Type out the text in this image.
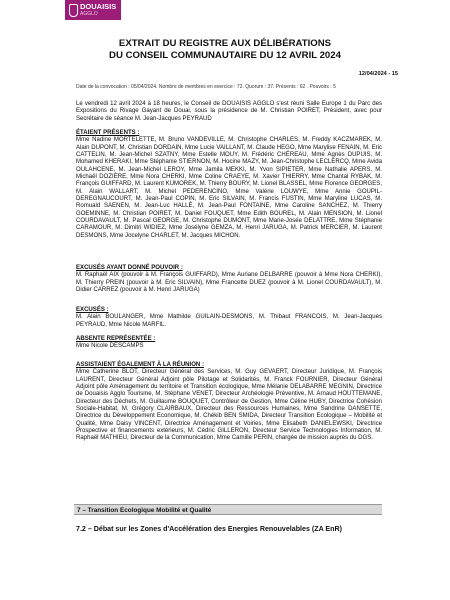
DOUAISIS
AGGLO
EXTRAIT DU REGISTRE AUX DÉLIBÉRATIONS
DU CONSEIL COMMUNAUTAIRE DU 12 AVRIL 2024
12/04/2024 - 15
Date de la convocation : 05/04/2024. Nombre de membres en exercice : 72. Quorum : 37. Présents : 62 . Pouvoirs : 5
Le vendredi 12 avril 2024 à 18 heures, le Conseil de DOUAISIS AGGLO s'est réuni Salle Europe 1 du Parc des Expositions du Rivage Gayant de Douai, sous la présidence de M. Christian POIRET, Président, avec pour Secrétaire de séance M. Jean-Jacques PEYRAUD
ÉTAIENT PRÉSENTS :
Mme Nadine MORTELETTE, M. Bruno VANDEVILLE, M. Christophe CHARLES, M. Freddy KACZMAREK, M. Alain DUPONT, M. Christian DORDAIN, Mme Lucie VAILLANT, M. Claude HEGO, Mme Marylise FENAIN, M. Eric CATTELIN, M. Jean-Michel SZATNY, Mme Estelle MOUY, M. Frédéric CHÉREAU, Mme Agnès DUPUIS, M. Mohamed KHERAKI, Mme Stéphanie STIERNON, M. Hocine MAZY, M. Jean-Christophe LECLERCQ, Mme Avida OULAHCENE, M. Jean-Michel LEROY, Mme Jamila MEKKI, M. Yvon SIPIETER, Mme Nathalie APERS, M. Michaël DOZIÈRE, Mme Nora CHERKI, Mme Coline CRAEYE, M. Xavier THIERRY, Mme Chantal RYBAK, M. François GUIFFARD, M. Laurent KUMOREK, M. Thierry BOURY, M. Lionel BLASSEL, Mme Florence GEORGES, M. Alain WALLART, M. Michel PEDERENCINO, Mme Valérie LOUWYE, Mme Annie GOUPIL-DEREGNAUCOURT, M. Jean-Paul COPIN, M. Eric SILVAIN, M. Francis FUSTIN, Mme Maryline LUCAS, M. Romuald SAENEN, M. Jean-Luc HALLÉ, M. Jean-Paul FONTAINE, Mme Caroline SANCHEZ, M. Thierry GOEMINNE, M. Christian POIRET, M. Daniel FOUQUET, Mme Edith BOUREL, M. Alain MENSION, M. Lionel COURDAVAULT, M. Pascal GEORGE, M. Christophe DUMONT, Mme Marie-Josée DELATTRE, Mme Stéphanie CARAMOUR, M. Dimitri WIDIEZ, Mme Josélyne GEMZA, M. Henri JARUGA, M. Patrick MERCIER, M. Laurent DESMONS, Mme Jocelyne CHARLET, M. Jacques MICHON.
EXCUSÉS AYANT DONNÉ POUVOIR :
M. Raphaël AIX (pouvoir à M. François GUIFFARD), Mme Auriane DELBARRE (pouvoir à Mme Nora CHERKI), M. Thierry PREIN (pouvoir à M. Eric SILVAIN), Mme Francette DUEZ (pouvoir à M. Lionel COURDAVAULT), M. Didier CARREZ (pouvoir à M. Henri JARUGA)
EXCUSÉS :
M. Alain BOULANGER, Mme Mathilde GUILAIN-DESMONS, M. Thibaut FRANCOIS, M. Jean-Jacques PEYRAUD, Mme Nicole MARFIL.
ABSENTE REPRÉSENTÉE :
Mme Nicole DESCAMPS
ASSISTAIENT ÉGALEMENT À LA RÉUNION :
Mme Catherine BLOT, Directeur Général des Services, M. Guy GEVAERT, Directeur Juridique, M. François LAURENT, Directeur Général Adjoint pôle Pilotage et Solidarités, M. Franck FOURNIER, Directeur Général Adjoint pôle Aménagement du territoire et Transition écologique, Mme Mélanie DELABARRE MEGNIN, Directrice de Douaisis Agglo Tourisme, M. Stéphane VENET, Directeur Archéologie Préventive, M. Arnaud HOUTTEMANE, Directeur des Déchets, M. Guillaume BOUQUET, Contrôleur de Gestion, Mme Céline HUBY, Directrice Cohésion Sociale-Habitat, M. Grégory CLAIRBAUX, Directeur des Ressources Humaines, Mme Sandrine DANSETTE, Directrice du Développement Economique, M. Chékib BEN SMIDA, Directeur Transition Ecologique – Mobilité et Qualité, Mme Daisy VINCENT, Directrice Aménagement et Voiries, Mme Elisabeth DANIELEWSKI, Directrice Prospective et financements extérieurs, M. Cédric GILLERON, Directeur Service Technologies Information, M. Raphaël MATHIEU, Directeur de la Communication, Mme Camille PERIN, chargée de mission auprès du DGS.
7 – Transition Ecologique Mobilité et Qualité
7.2 – Débat sur les Zones d'Accélération des Energies Renouvelables (ZA EnR)
